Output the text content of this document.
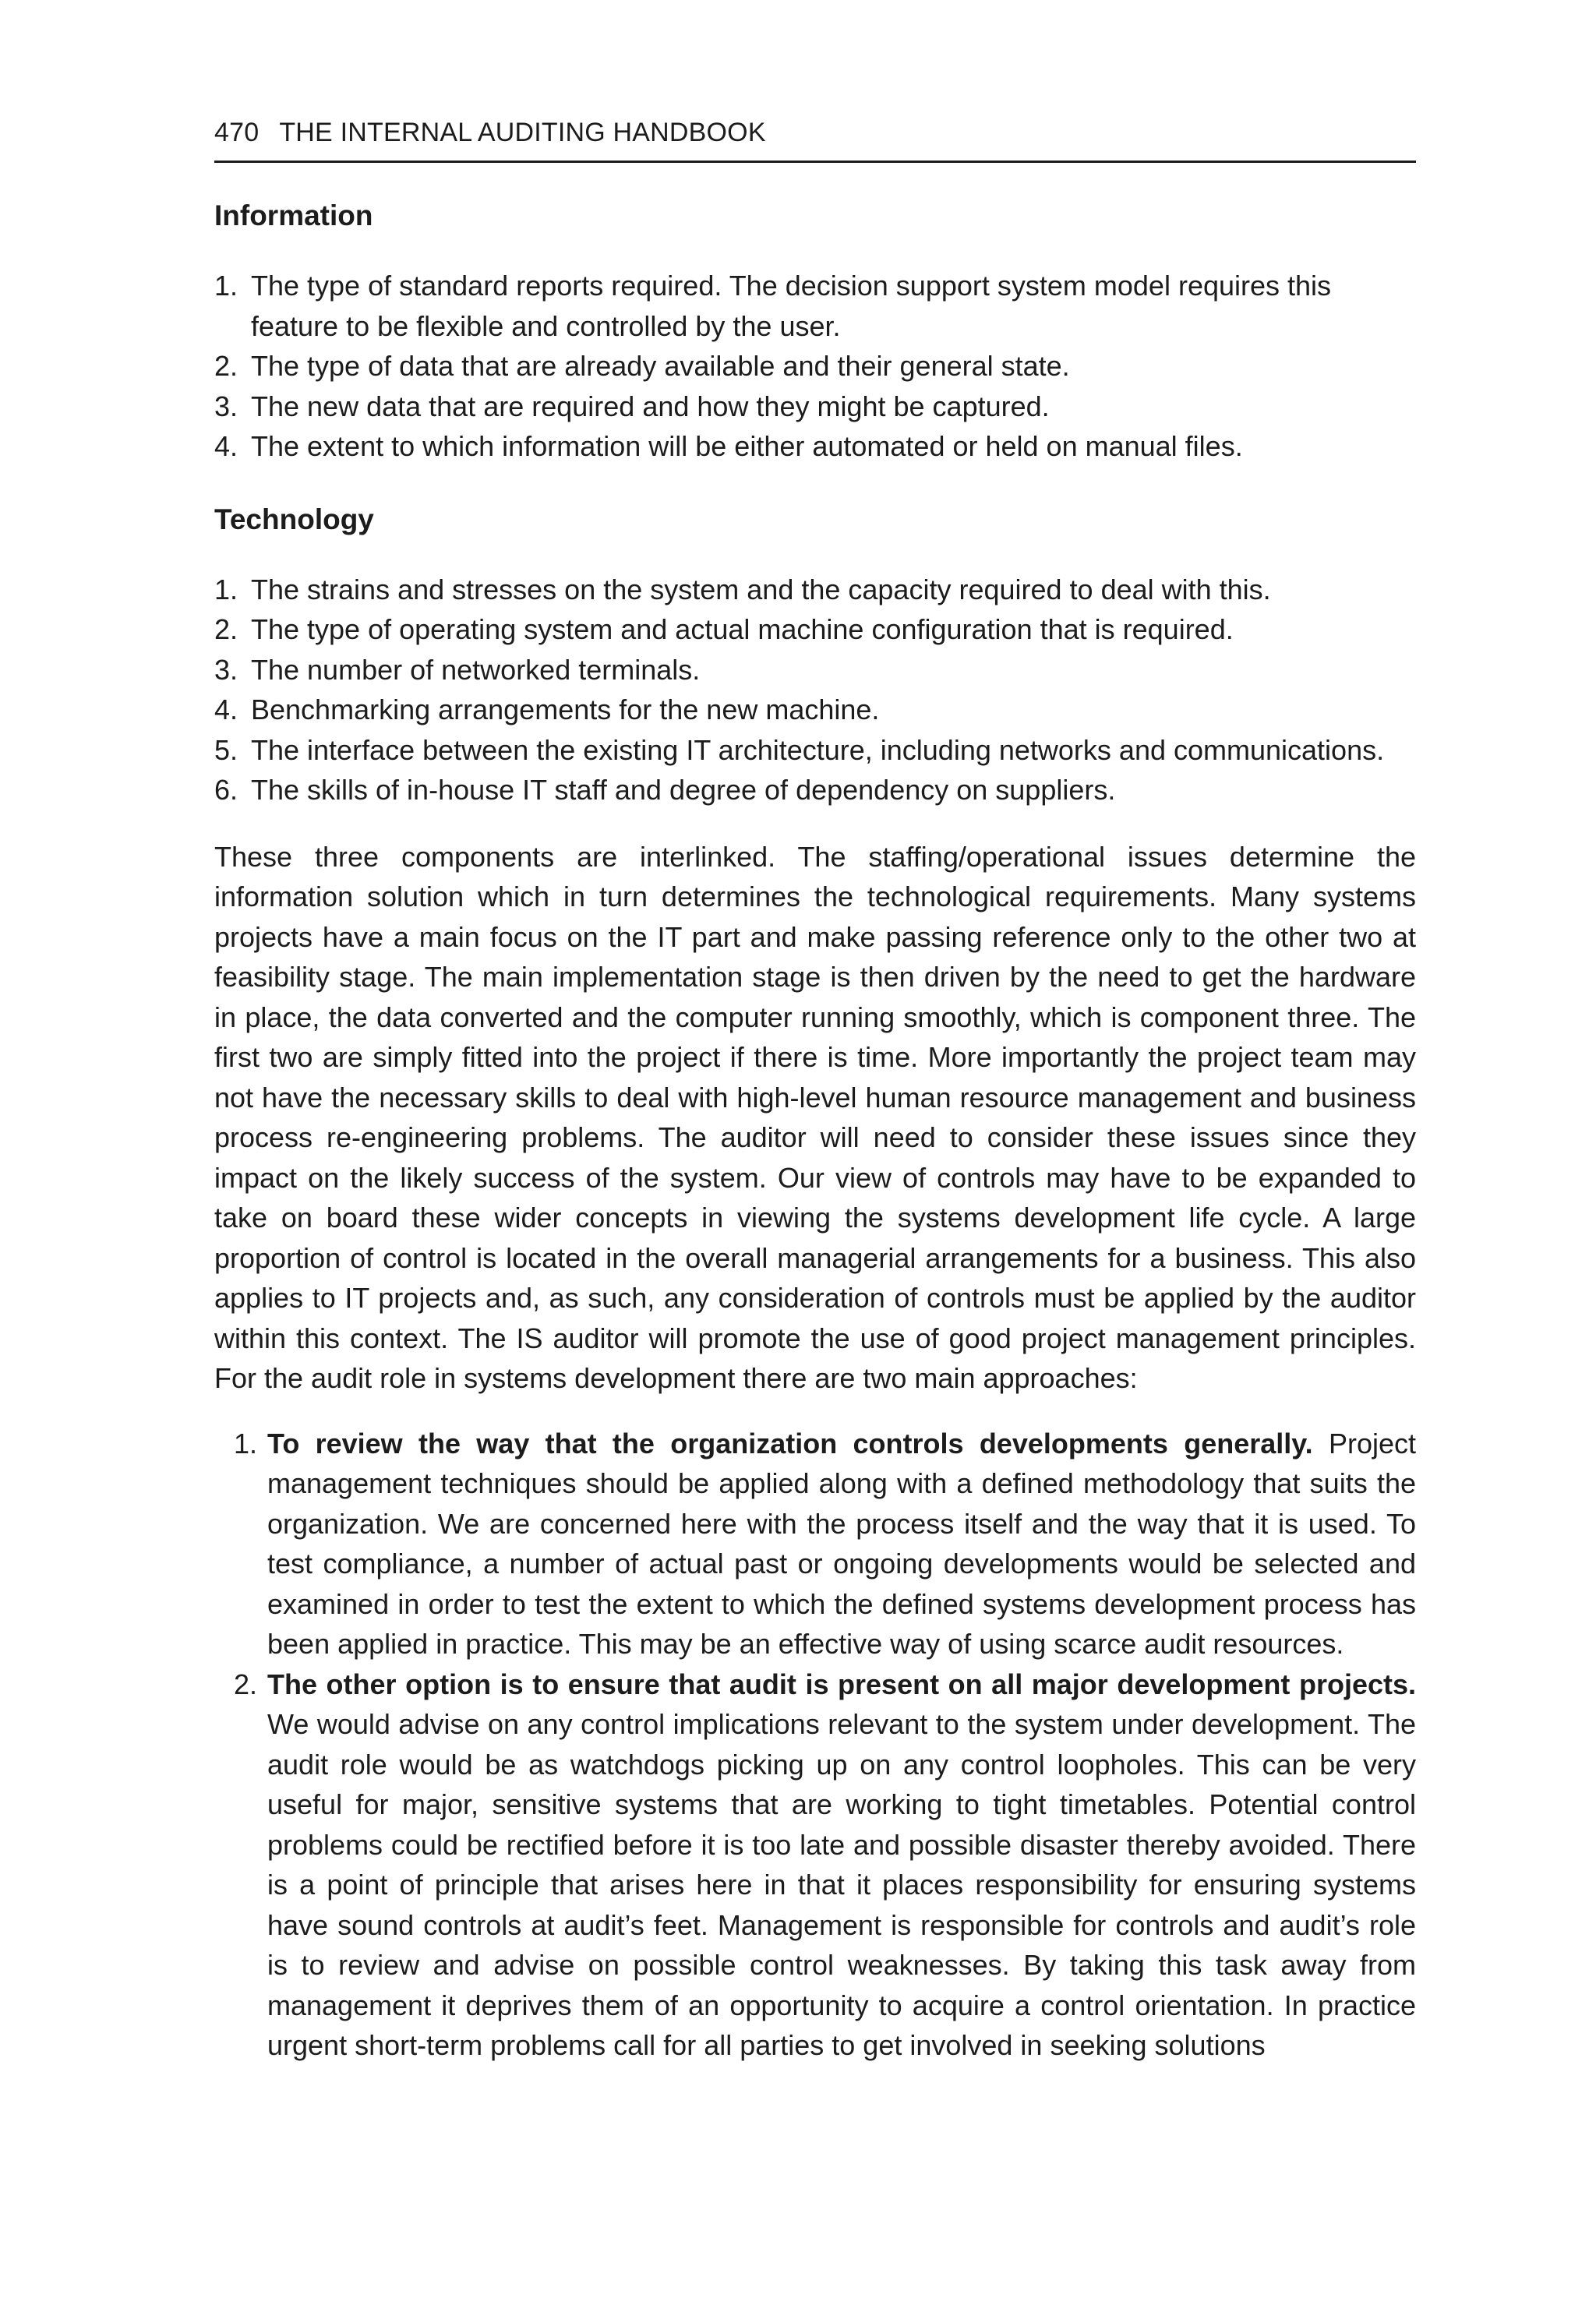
470 THE INTERNAL AUDITING HANDBOOK
Information
1. The type of standard reports required. The decision support system model requires this feature to be flexible and controlled by the user.
2. The type of data that are already available and their general state.
3. The new data that are required and how they might be captured.
4. The extent to which information will be either automated or held on manual files.
Technology
1. The strains and stresses on the system and the capacity required to deal with this.
2. The type of operating system and actual machine configuration that is required.
3. The number of networked terminals.
4. Benchmarking arrangements for the new machine.
5. The interface between the existing IT architecture, including networks and communications.
6. The skills of in-house IT staff and degree of dependency on suppliers.

These three components are interlinked. The staffing/operational issues determine the information solution which in turn determines the technological requirements. Many systems projects have a main focus on the IT part and make passing reference only to the other two at feasibility stage. The main implementation stage is then driven by the need to get the hardware in place, the data converted and the computer running smoothly, which is component three. The first two are simply fitted into the project if there is time. More importantly the project team may not have the necessary skills to deal with high-level human resource management and business process re-engineering problems. The auditor will need to consider these issues since they impact on the likely success of the system. Our view of controls may have to be expanded to take on board these wider concepts in viewing the systems development life cycle. A large proportion of control is located in the overall managerial arrangements for a business. This also applies to IT projects and, as such, any consideration of controls must be applied by the auditor within this context. The IS auditor will promote the use of good project management principles. For the audit role in systems development there are two main approaches:

1. To review the way that the organization controls developments generally. Project management techniques should be applied along with a defined methodology that suits the organization. We are concerned here with the process itself and the way that it is used. To test compliance, a number of actual past or ongoing developments would be selected and examined in order to test the extent to which the defined systems development process has been applied in practice. This may be an effective way of using scarce audit resources.
2. The other option is to ensure that audit is present on all major development projects. We would advise on any control implications relevant to the system under development. The audit role would be as watchdogs picking up on any control loopholes. This can be very useful for major, sensitive systems that are working to tight timetables. Potential control problems could be rectified before it is too late and possible disaster thereby avoided. There is a point of principle that arises here in that it places responsibility for ensuring systems have sound controls at audit’s feet. Management is responsible for controls and audit’s role is to review and advise on possible control weaknesses. By taking this task away from management it deprives them of an opportunity to acquire a control orientation. In practice urgent short-term problems call for all parties to get involved in seeking solutions
